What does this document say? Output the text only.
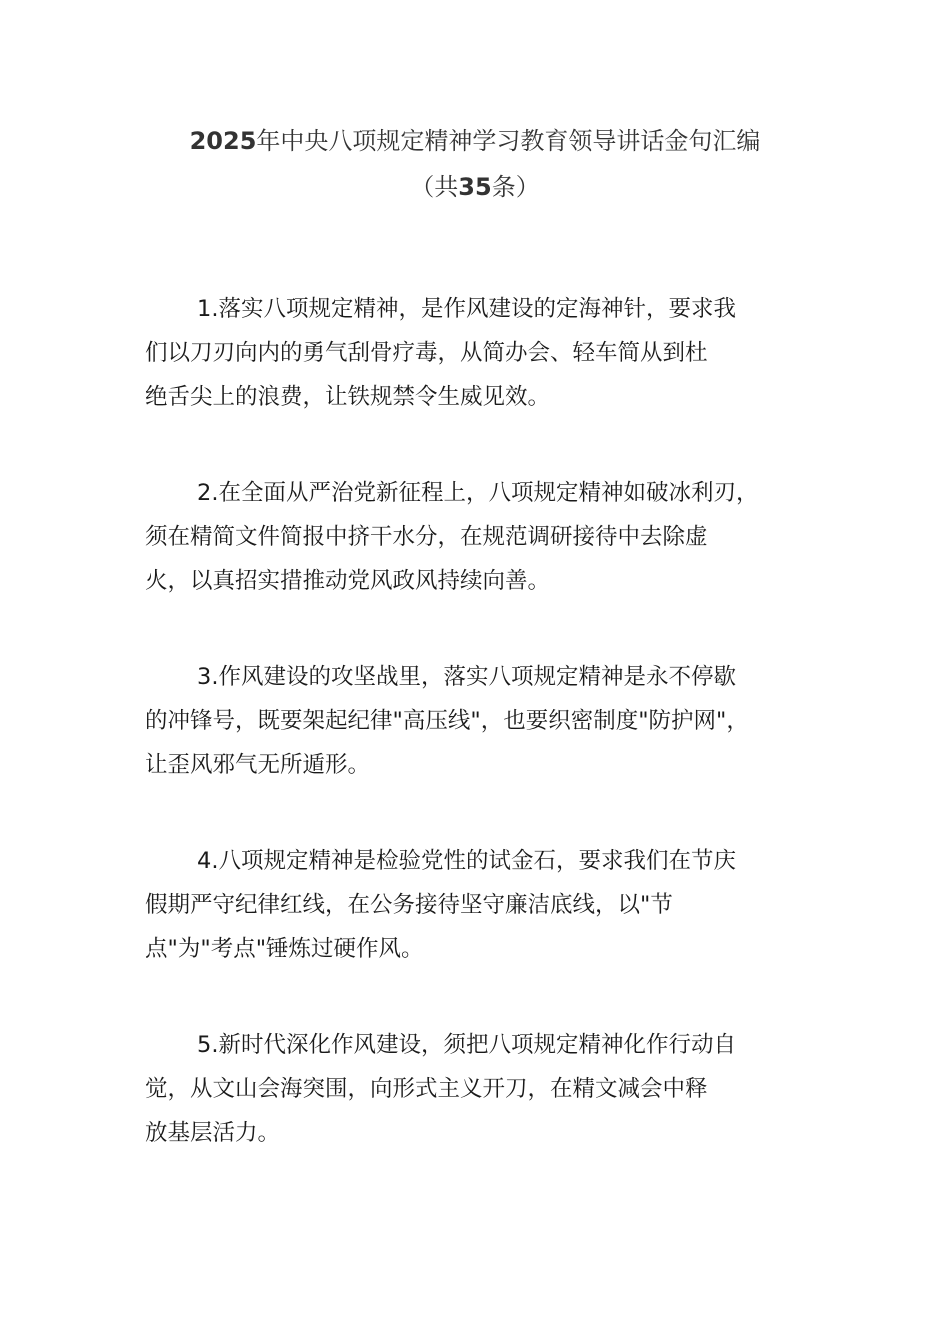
2025年中央八项规定精神学习教育领导讲话金句汇编
（共35条）
1.落实八项规定精神，是作风建设的定海神针，要求我
们以刀刃向内的勇气刮骨疗毒，从简办会、轻车简从到杜
绝舌尖上的浪费，让铁规禁令生威见效。
2.在全面从严治党新征程上，八项规定精神如破冰利刃，
须在精简文件简报中挤干水分，在规范调研接待中去除虚
火，以真招实措推动党风政风持续向善。
3.作风建设的攻坚战里，落实八项规定精神是永不停歇
的冲锋号，既要架起纪律"高压线"，也要织密制度"防护网"，
让歪风邪气无所遁形。
4.八项规定精神是检验党性的试金石，要求我们在节庆
假期严守纪律红线，在公务接待坚守廉洁底线，以"节
点"为"考点"锤炼过硬作风。
5.新时代深化作风建设，须把八项规定精神化作行动自
觉，从文山会海突围，向形式主义开刀，在精文减会中释
放基层活力。
